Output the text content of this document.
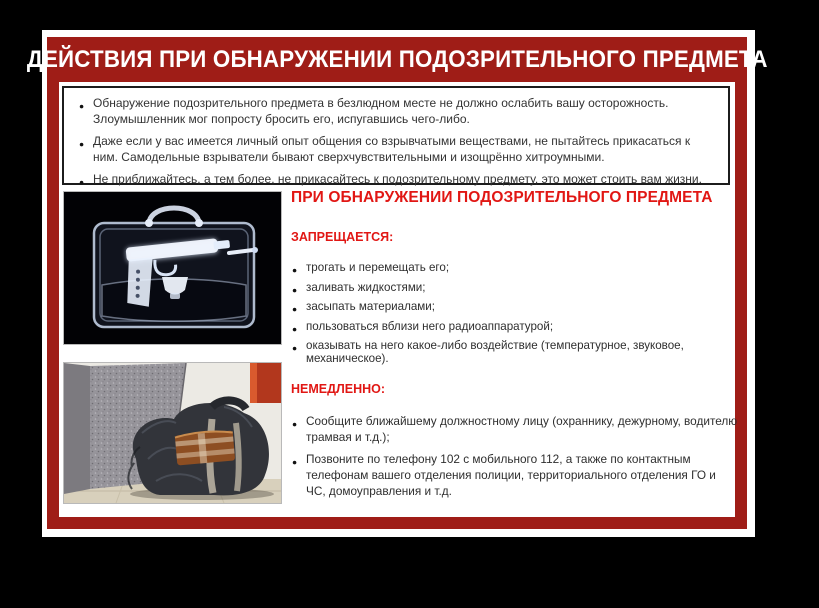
ДЕЙСТВИЯ ПРИ ОБНАРУЖЕНИИ ПОДОЗРИТЕЛЬНОГО ПРЕДМЕТА
● Обнаружение подозрительного предмета в безлюдном месте не должно ослабить вашу осторожность. Злоумышленник мог попросту бросить его, испугавшись чего-либо.
● Даже если у вас имеется личный опыт общения со взрывчатыми веществами, не пытайтесь прикасаться к ним. Самодельные взрыватели бывают сверхчувствительными и изощрённо хитроумными.
● Не приближайтесь, а тем более, не прикасайтесь к подозрительному предмету, это может стоить вам жизни.
ПРИ ОБНАРУЖЕНИИ ПОДОЗРИТЕЛЬНОГО ПРЕДМЕТА

ЗАПРЕЩАЕТСЯ:

● трогать и перемещать его;
● заливать жидкостями;
● засыпать материалами;
● пользоваться вблизи него радиоаппаратурой;
● оказывать на него какое-либо воздействие (температурное, звуковое, механическое).

НЕМЕДЛЕННО:

● Сообщите ближайшему должностному лицу (охраннику, дежурному, водителю трамвая и т.д.);
● Позвоните по телефону 102 с мобильного 112, а также по контактным телефонам вашего отделения полиции, территориального отделения ГО и ЧС, домоуправления и т.д.
